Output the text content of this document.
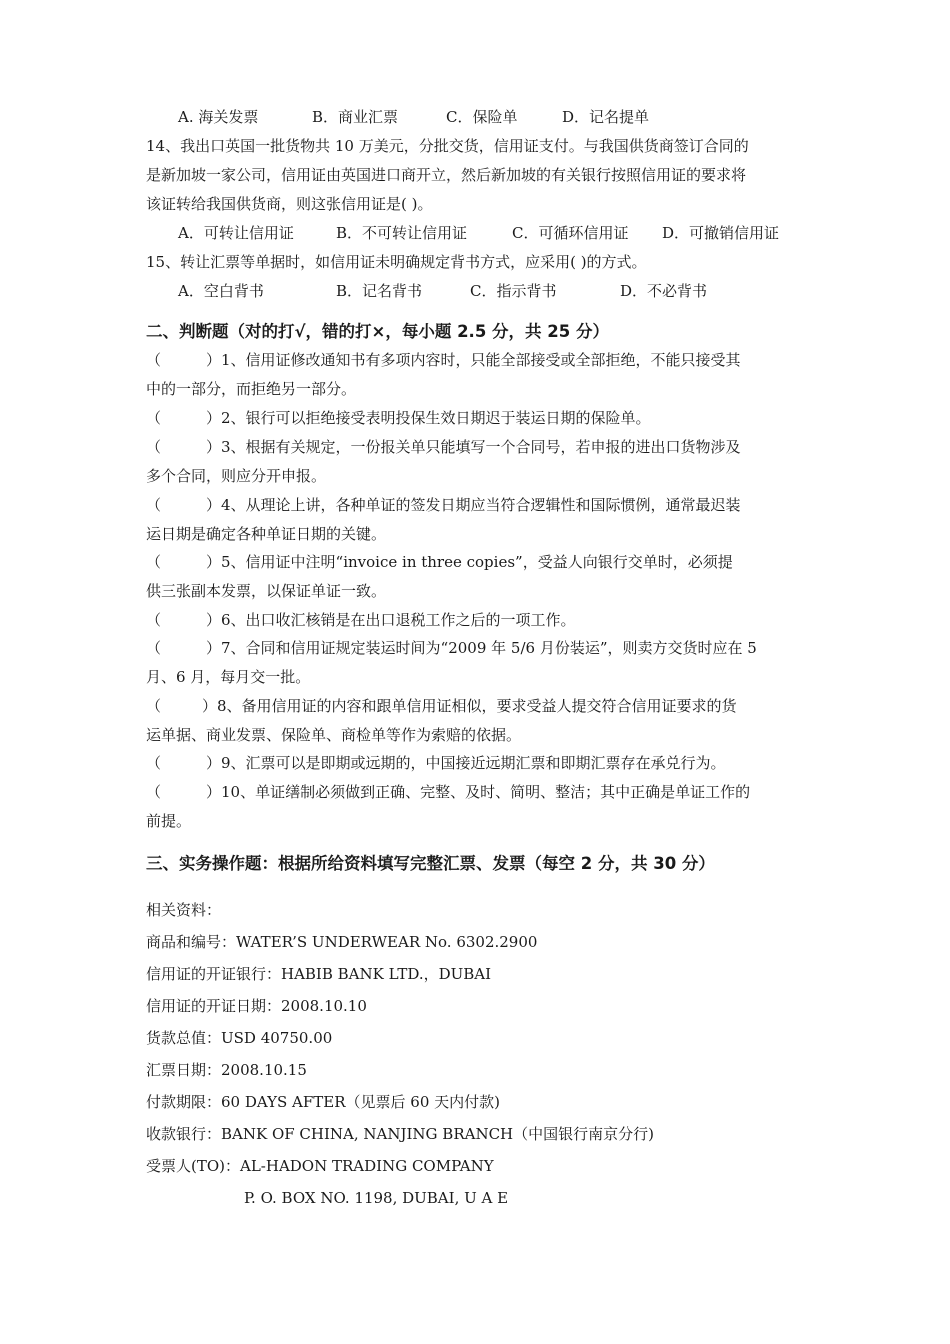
A. 海关发票	B．商业汇票	C．保险单	D．记名提单
14、我出口英国一批货物共 10 万美元，分批交货，信用证支付。与我国供货商签订合同的
是新加坡一家公司，信用证由英国进口商开立，然后新加坡的有关银行按照信用证的要求将
该证转给我国供货商，则这张信用证是( )。
A．可转让信用证	B．不可转让信用证	C．可循环信用证	D．可撤销信用证
15、转让汇票等单据时，如信用证未明确规定背书方式，应采用( )的方式。
A．空白背书	B．记名背书	C．指示背书	D．不必背书
二、判断题（对的打√，错的打×，每小题 2.5 分，共 25 分）
（	）1、信用证修改通知书有多项内容时，只能全部接受或全部拒绝，不能只接受其
中的一部分，而拒绝另一部分。
（	）2、银行可以拒绝接受表明投保生效日期迟于装运日期的保险单。
（	）3、根据有关规定，一份报关单只能填写一个合同号，若申报的进出口货物涉及
多个合同，则应分开申报。
（	）4、从理论上讲，各种单证的签发日期应当符合逻辑性和国际惯例，通常最迟装
运日期是确定各种单证日期的关键。
（	）5、信用证中注明“invoice in three copies”，受益人向银行交单时，必须提
供三张副本发票，以保证单证一致。
（	）6、出口收汇核销是在出口退税工作之后的一项工作。
（	）7、合同和信用证规定装运时间为“2009 年 5/6 月份装运”，则卖方交货时应在 5
月、6 月，每月交一批。
（	）8、备用信用证的内容和跟单信用证相似，要求受益人提交符合信用证要求的货
运单据、商业发票、保险单、商检单等作为索赔的依据。
（	）9、汇票可以是即期或远期的，中国接近远期汇票和即期汇票存在承兑行为。
（	）10、单证缮制必须做到正确、完整、及时、简明、整洁；其中正确是单证工作的
前提。
三、实务操作题：根据所给资料填写完整汇票、发票（每空 2 分，共 30 分）
相关资料：
商品和编号：WATER’S UNDERWEAR No. 6302.2900
信用证的开证银行：HABIB BANK LTD.，DUBAI
信用证的开证日期：2008.10.10
货款总值：USD 40750.00
汇票日期：2008.10.15
付款期限：60 DAYS AFTER（见票后 60 天内付款)
收款银行：BANK OF CHINA, NANJING BRANCH（中国银行南京分行)
受票人(TO)：AL-HADON TRADING COMPANY
P. O. BOX NO. 1198, DUBAI, U A E
